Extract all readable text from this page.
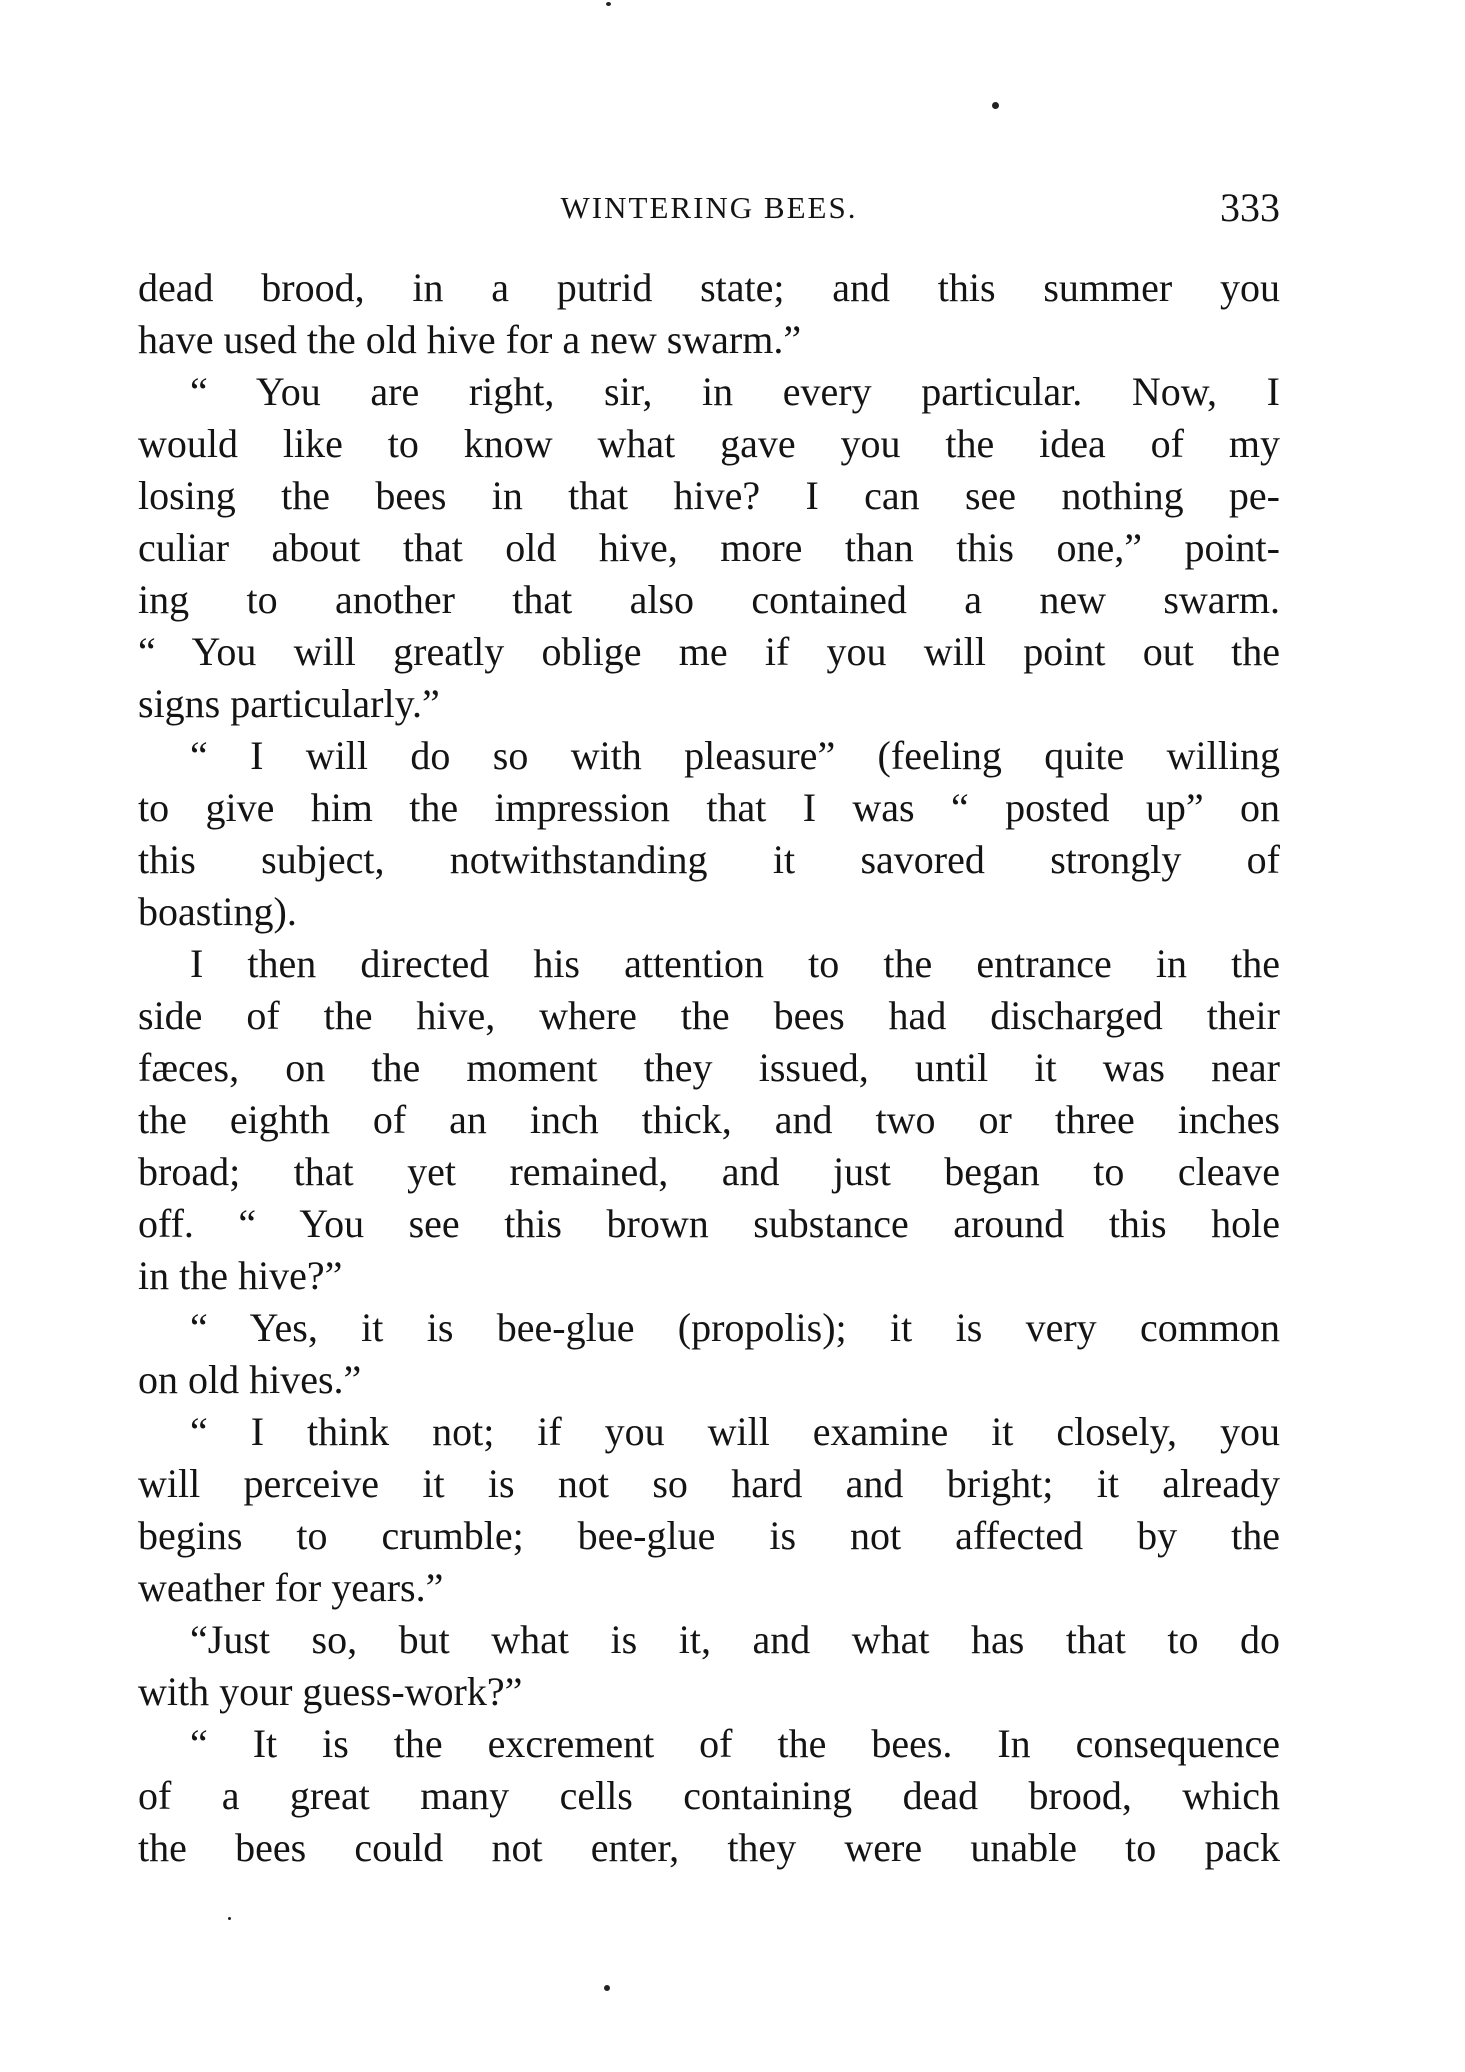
WINTERING BEES.	333
dead brood, in a putrid state; and this summer you
have used the old hive for a new swarm.”
“ You are right, sir, in every particular. Now, I
would like to know what gave you the idea of my
losing the bees in that hive? I can see nothing pe-
culiar about that old hive, more than this one,” point-
ing to another that also contained a new swarm.
“ You will greatly oblige me if you will point out the
signs particularly.”
“ I will do so with pleasure” (feeling quite willing
to give him the impression that I was “ posted up” on
this subject, notwithstanding it savored strongly of
boasting).
I then directed his attention to the entrance in the
side of the hive, where the bees had discharged their
fæces, on the moment they issued, until it was near
the eighth of an inch thick, and two or three inches
broad; that yet remained, and just began to cleave
off. “ You see this brown substance around this hole
in the hive?”
“ Yes, it is bee-glue (propolis); it is very common
on old hives.”
“ I think not; if you will examine it closely, you
will perceive it is not so hard and bright; it already
begins to crumble; bee-glue is not affected by the
weather for years.”
“Just so, but what is it, and what has that to do
with your guess-work?”
“ It is the excrement of the bees. In consequence
of a great many cells containing dead brood, which
the bees could not enter, they were unable to pack
